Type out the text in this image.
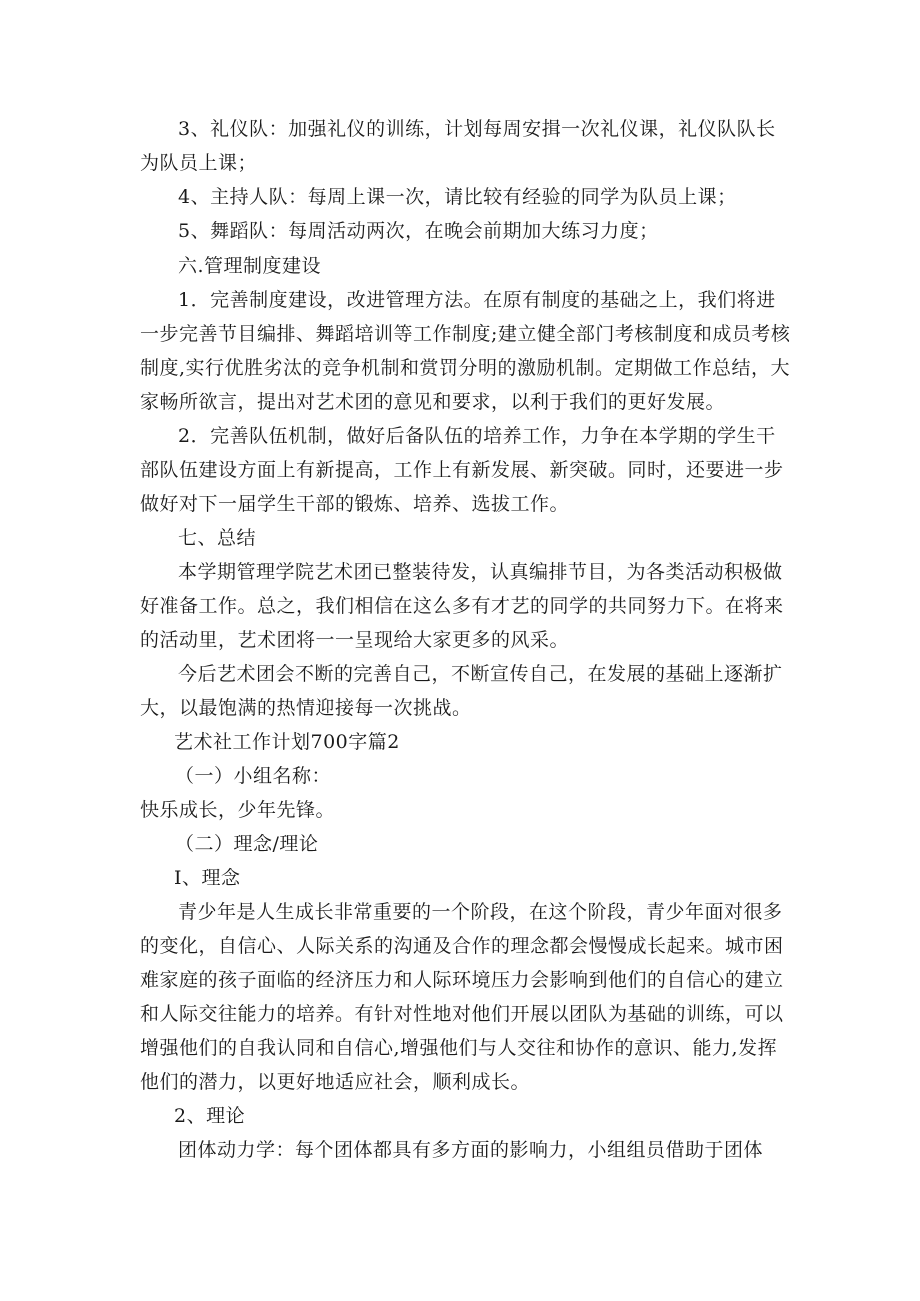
3、礼仪队：加强礼仪的训练，计划每周安揖一次礼仪课，礼仪队队长为队员上课；
4、主持人队：每周上课一次，请比较有经验的同学为队员上课；
5、舞蹈队：每周活动两次，在晚会前期加大练习力度；
六.管理制度建设
1．完善制度建设，改进管理方法。在原有制度的基础之上，我们将进一步完善节目编排、舞蹈培训等工作制度;建立健全部门考核制度和成员考核制度,实行优胜劣汰的竞争机制和赏罚分明的激励机制。定期做工作总结，大家畅所欲言，提出对艺术团的意见和要求，以利于我们的更好发展。
2．完善队伍机制，做好后备队伍的培养工作，力争在本学期的学生干部队伍建设方面上有新提高，工作上有新发展、新突破。同时，还要进一步做好对下一届学生干部的锻炼、培养、选拔工作。
七、总结
本学期管理学院艺术团已整装待发，认真编排节目，为各类活动积极做好准备工作。总之，我们相信在这么多有才艺的同学的共同努力下。在将来的活动里，艺术团将一一呈现给大家更多的风采。
今后艺术团会不断的完善自己，不断宣传自己，在发展的基础上逐渐扩大，以最饱满的热情迎接每一次挑战。
艺术社工作计划700字篇2
（一）小组名称：
快乐成长，少年先锋。
（二）理念/理论
I、理念
青少年是人生成长非常重要的一个阶段，在这个阶段，青少年面对很多的变化，自信心、人际关系的沟通及合作的理念都会慢慢成长起来。城市困难家庭的孩子面临的经济压力和人际环境压力会影响到他们的自信心的建立和人际交往能力的培养。有针对性地对他们开展以团队为基础的训练，可以增强他们的自我认同和自信心,增强他们与人交往和协作的意识、能力,发挥他们的潜力，以更好地适应社会，顺利成长。
2、理论
团体动力学：每个团体都具有多方面的影响力，小组组员借助于团体
